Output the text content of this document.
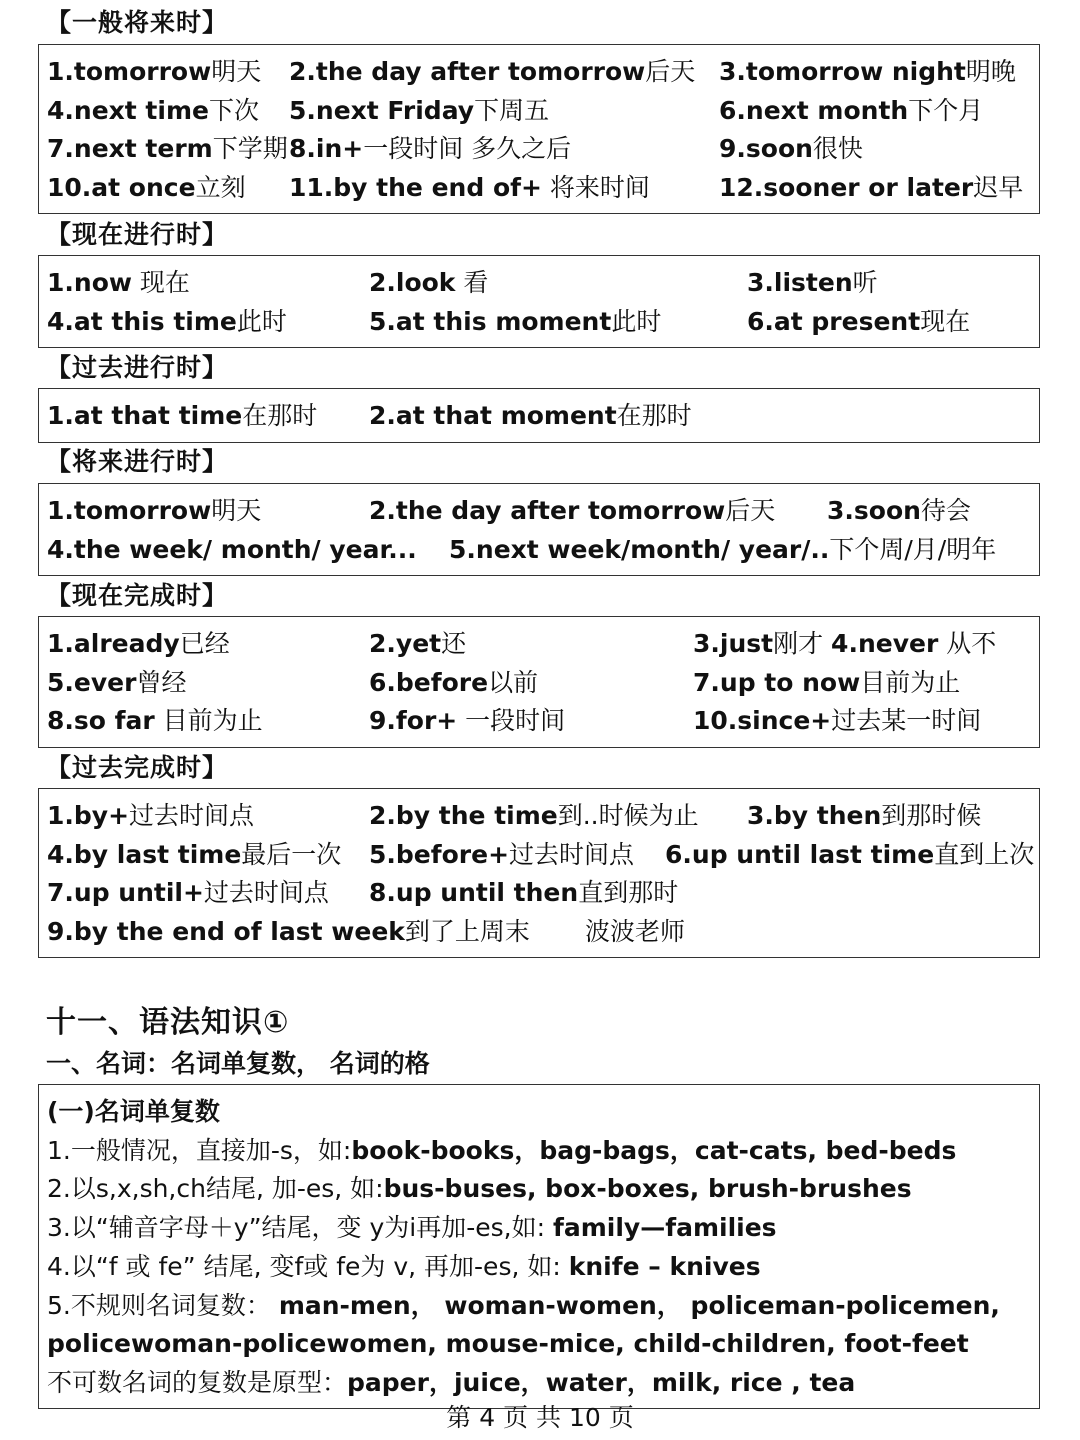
【一般将来时】
1.tomorrow明天 2.the day after tomorrow后天 3.tomorrow night明晚
4.next time下次 5.next Friday下周五	6.next month下个月
7.next term下学期 8.in+一段时间 多久之后	9.soon很快
10.at once立刻 11.by the end of+ 将来时间	12.sooner or later迟早
【现在进行时】
1.now 现在	2.look 看	3.listen听
4.at this time此时	5.at this moment此时	6.at present现在
【过去进行时】
1.at that time在那时 2.at that moment在那时
【将来进行时】
1.tomorrow明天	2.the day after tomorrow后天 3.soon待会
4.the week/ month/ year... 5.next week/month/ year/..下个周/月/明年
【现在完成时】
1.already已经	2.yet还	3.just刚才 4.never 从不
5.ever曾经	6.before以前	7.up to now目前为止
8.so far 目前为止	9.for+ 一段时间	10.since+过去某一时间
【过去完成时】
1.by+过去时间点	2.by the time到..时候为止 3.by then到那时候
4.by last time最后一次 5.before+过去时间点 6.up until last time直到上次
7.up until+过去时间点 8.up until then直到那时
9.by the end of last week到了上周末 波波老师
十一、语法知识①
一、名词：名词单复数， 名词的格
(一)名词单复数
1.一般情况，直接加-s，如:book-books，bag-bags，cat-cats, bed-beds
2.以s,x,sh,ch结尾, 加-es, 如:bus-buses, box-boxes, brush-brushes
3.以“辅音字母＋y”结尾，变 y为i再加-es,如: family—families
4.以“f 或 fe” 结尾, 变f或 fe为 v, 再加-es, 如: knife – knives
5.不规则名词复数： man-men， woman-women， policeman-policemen,
policewoman-policewomen, mouse-mice, child-children, foot-feet
不可数名词的复数是原型：paper，juice，water，milk, rice , tea
第 4 页 共 10 页
